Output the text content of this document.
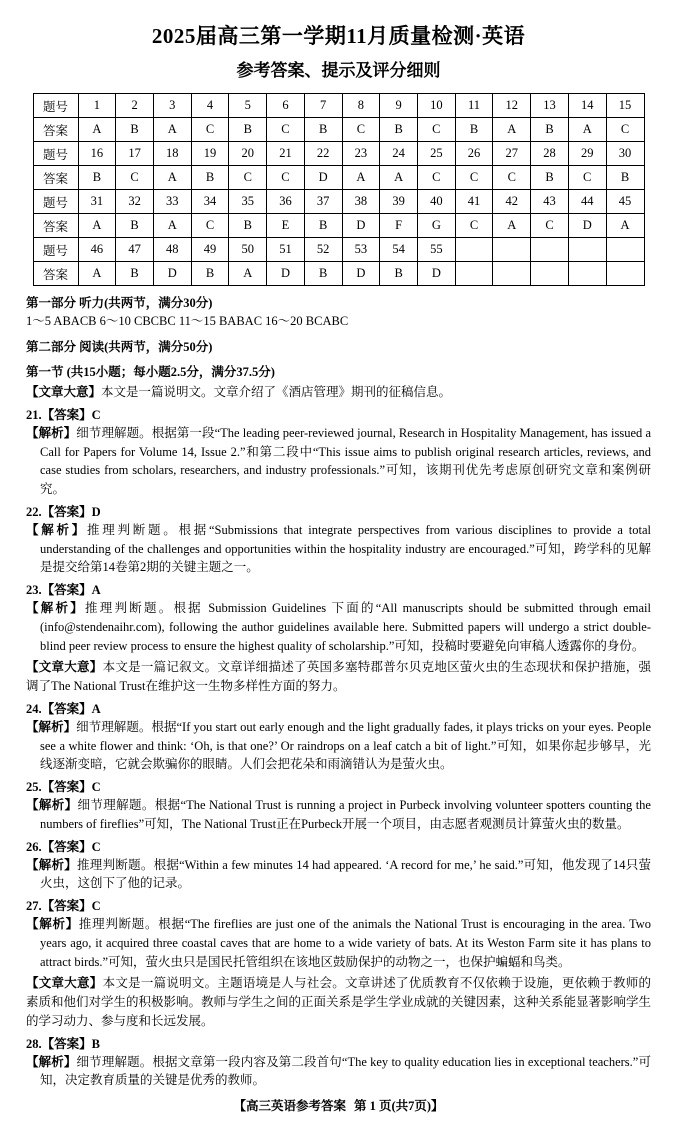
2025届高三第一学期11月质量检测·英语
参考答案、提示及评分细则
题号	1	2	3	4	5	6	7	8	9	10	11	12	13	14	15
答案	A	B	A	C	B	C	B	C	B	C	B	A	B	A	C
题号	16	17	18	19	20	21	22	23	24	25	26	27	28	29	30
答案	B	C	A	B	C	C	D	A	A	C	C	C	B	C	B
题号	31	32	33	34	35	36	37	38	39	40	41	42	43	44	45
答案	A	B	A	C	B	E	B	D	F	G	C	A	C	D	A
题号	46	47	48	49	50	51	52	53	54	55					
答案	A	B	D	B	A	D	B	D	B	D					
第一部分 听力(共两节，满分30分)
1～5 ABACB 6～10 CBCBC 11～15 BABAC 16～20 BCABC
第二部分 阅读(共两节，满分50分)
第一节 (共15小题；每小题2.5分，满分37.5分)
【文章大意】本文是一篇说明文。文章介绍了《酒店管理》期刊的征稿信息。
21.【答案】C
【解析】细节理解题。根据第一段“The leading peer-reviewed journal, Research in Hospitality Management, has issued a Call for Papers for Volume 14, Issue 2.”和第二段中“This issue aims to publish original research articles, reviews, and case studies from scholars, researchers, and industry professionals.”可知，该期刊优先考虑原创研究文章和案例研究。
22.【答案】D
【解析】推理判断题。根据“Submissions that integrate perspectives from various disciplines to provide a total understanding of the challenges and opportunities within the hospitality industry are encouraged.”可知，跨学科的见解是提交给第14卷第2期的关键主题之一。
23.【答案】A
【解析】推理判断题。根据 Submission Guidelines 下面的“All manuscripts should be submitted through email (info@stendenaihr.com), following the author guidelines available here. Submitted papers will undergo a strict double-blind peer review process to ensure the highest quality of scholarship.”可知，投稿时要避免向审稿人透露你的身份。
【文章大意】本文是一篇记叙文。文章详细描述了英国多塞特郡普尔贝克地区萤火虫的生态现状和保护措施，强调了The National Trust在维护这一生物多样性方面的努力。
24.【答案】A
【解析】细节理解题。根据“If you start out early enough and the light gradually fades, it plays tricks on your eyes. People see a white flower and think: ‘Oh, is that one?’ Or raindrops on a leaf catch a bit of light.”可知，如果你起步够早，光线逐渐变暗，它就会欺骗你的眼睛。人们会把花朵和雨滴错认为是萤火虫。
25.【答案】C
【解析】细节理解题。根据“The National Trust is running a project in Purbeck involving volunteer spotters counting the numbers of fireflies”可知，The National Trust正在Purbeck开展一个项目，由志愿者观测员计算萤火虫的数量。
26.【答案】C
【解析】推理判断题。根据“Within a few minutes 14 had appeared. ‘A record for me,’ he said.”可知，他发现了14只萤火虫，这创下了他的记录。
27.【答案】C
【解析】推理判断题。根据“The fireflies are just one of the animals the National Trust is encouraging in the area. Two years ago, it acquired three coastal caves that are home to a wide variety of bats. At its Weston Farm site it has plans to attract birds.”可知，萤火虫只是国民托管组织在该地区鼓励保护的动物之一，也保护蝙蝠和鸟类。
【文章大意】本文是一篇说明文。主题语境是人与社会。文章讲述了优质教育不仅依赖于设施，更依赖于教师的素质和他们对学生的积极影响。教师与学生之间的正面关系是学生学业成就的关键因素，这种关系能显著影响学生的学习动力、参与度和长远发展。
28.【答案】B
【解析】细节理解题。根据文章第一段内容及第二段首句“The key to quality education lies in exceptional teachers.”可知，决定教育质量的关键是优秀的教师。
【高三英语参考答案 第 1 页(共7页)】
